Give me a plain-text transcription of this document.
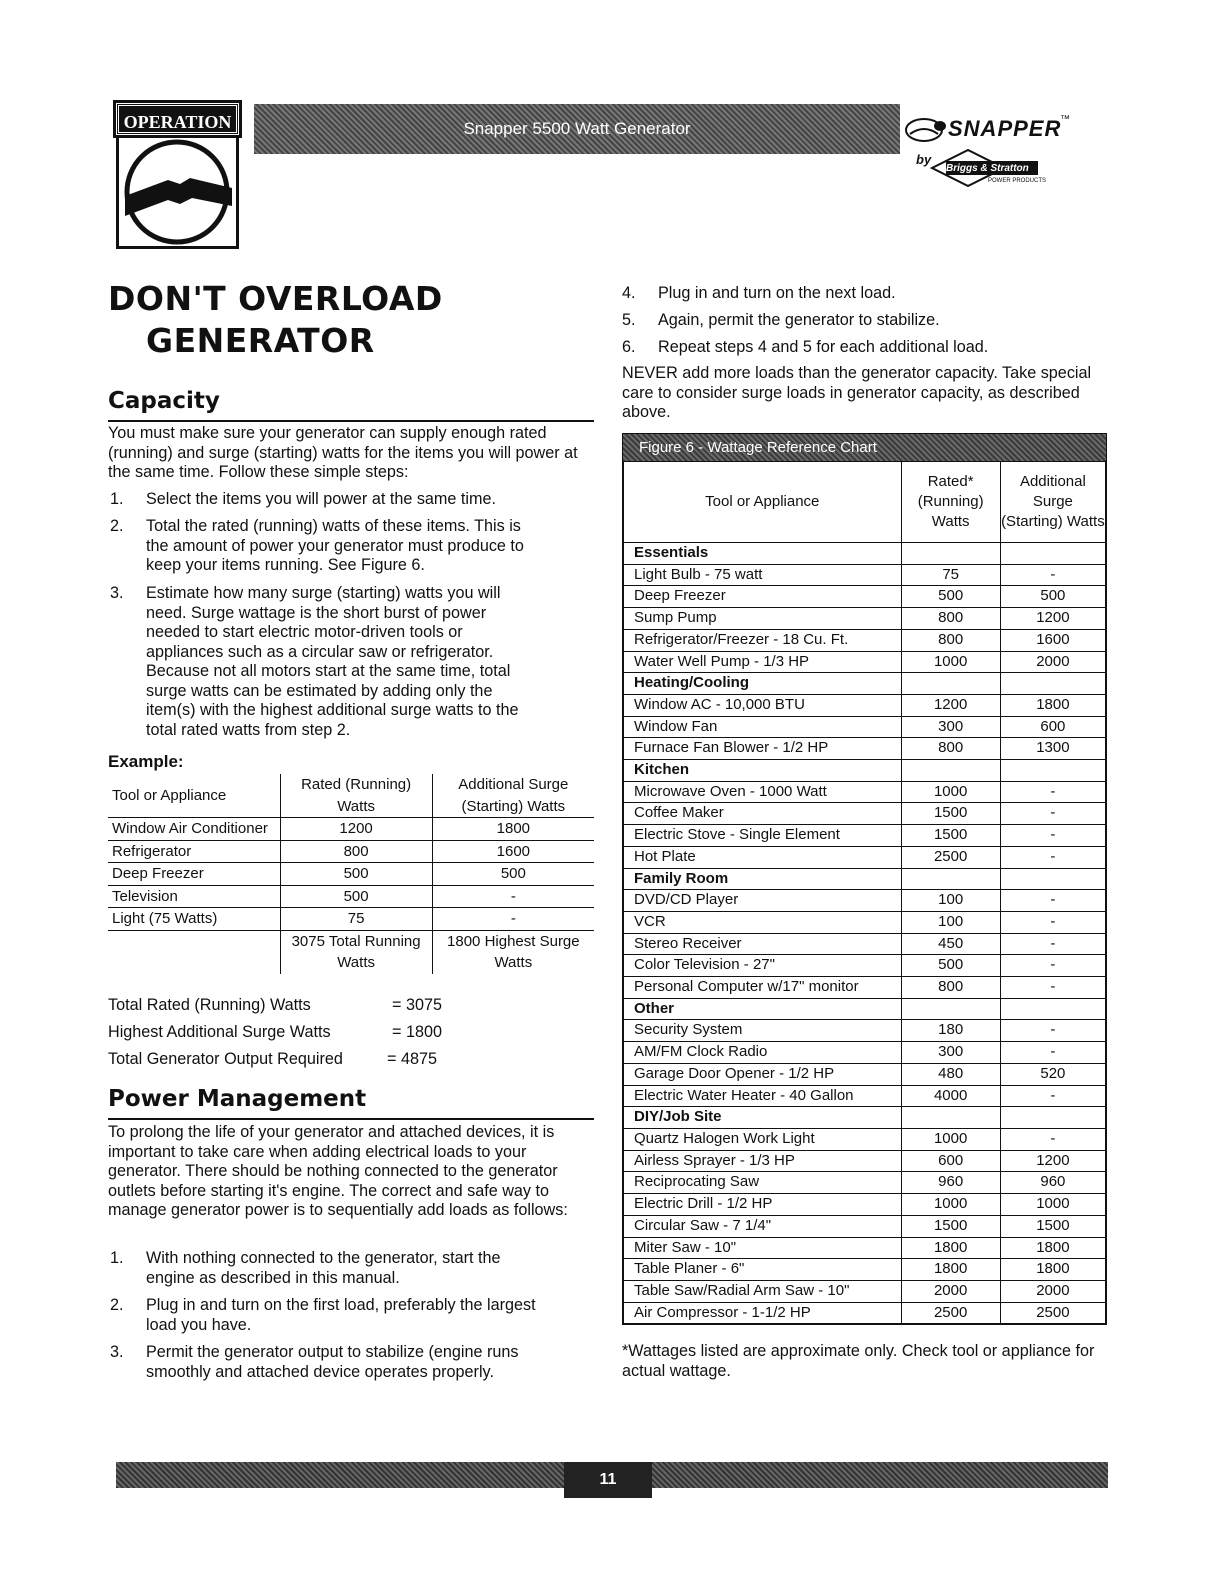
OPERATION	Snapper 5500 Watt Generator	SNAPPER
™
by
Briggs & Stratton
POWER PRODUCTS
DON'T OVERLOAD
GENERATOR
Capacity
You must make sure your generator can supply enough rated (running) and surge (starting) watts for the items you will power at the same time. Follow these simple steps:
1. Select the items you will power at the same time.
2. Total the rated (running) watts of these items. This is
the amount of power your generator must produce to
keep your items running. See Figure 6.
3. Estimate how many surge (starting) watts you will
need. Surge wattage is the short burst of power
needed to start electric motor-driven tools or
appliances such as a circular saw or refrigerator.
Because not all motors start at the same time, total
surge watts can be estimated by adding only the
item(s) with the highest additional surge watts to the
total rated watts from step 2.
Example:
Tool or Appliance	Rated (Running) Watts	Additional Surge (Starting) Watts
Window Air Conditioner	1200	1800
Refrigerator	800	1600
Deep Freezer	500	500
Television	500	-
Light (75 Watts)	75	-
	3075 Total Running Watts	1800 Highest Surge Watts
Total Rated (Running) Watts	= 3075
Highest Additional Surge Watts	= 1800
Total Generator Output Required	= 4875
Power Management
To prolong the life of your generator and attached devices, it is important to take care when adding electrical loads to your generator. There should be nothing connected to the generator outlets before starting it's engine. The correct and safe way to manage generator power is to sequentially add loads as follows:
1. With nothing connected to the generator, start the
engine as described in this manual.
2. Plug in and turn on the first load, preferably the largest
load you have.
3. Permit the generator output to stabilize (engine runs
smoothly and attached device operates properly.
4. Plug in and turn on the next load.
5. Again, permit the generator to stabilize.
6. Repeat steps 4 and 5 for each additional load.
NEVER add more loads than the generator capacity. Take special care to consider surge loads in generator capacity, as described above.
Figure 6 - Wattage Reference Chart
Tool or Appliance	Rated* (Running) Watts	Additional Surge (Starting) Watts
Essentials		
Light Bulb - 75 watt	75	-
Deep Freezer	500	500
Sump Pump	800	1200
Refrigerator/Freezer - 18 Cu. Ft.	800	1600
Water Well Pump - 1/3 HP	1000	2000
Heating/Cooling		
Window AC - 10,000 BTU	1200	1800
Window Fan	300	600
Furnace Fan Blower - 1/2 HP	800	1300
Kitchen		
Microwave Oven - 1000 Watt	1000	-
Coffee Maker	1500	-
Electric Stove - Single Element	1500	-
Hot Plate	2500	-
Family Room		
DVD/CD Player	100	-
VCR	100	-
Stereo Receiver	450	-
Color Television - 27"	500	-
Personal Computer w/17" monitor	800	-
Other		
Security System	180	-
AM/FM Clock Radio	300	-
Garage Door Opener - 1/2 HP	480	520
Electric Water Heater - 40 Gallon	4000	-
DIY/Job Site		
Quartz Halogen Work Light	1000	-
Airless Sprayer - 1/3 HP	600	1200
Reciprocating Saw	960	960
Electric Drill - 1/2 HP	1000	1000
Circular Saw - 7 1/4"	1500	1500
Miter Saw - 10"	1800	1800
Table Planer - 6"	1800	1800
Table Saw/Radial Arm Saw - 10"	2000	2000
Air Compressor - 1-1/2 HP	2500	2500
*Wattages listed are approximate only. Check tool or appliance for actual wattage.
11
